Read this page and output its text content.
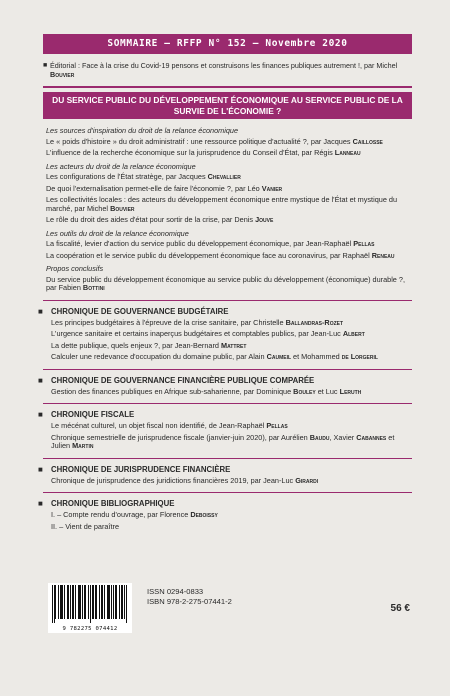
SOMMAIRE – RFFP N° 152 – Novembre 2020
■ Éditorial : Face à la crise du Covid-19 pensons et construisons les finances publiques autrement !, par Michel Bouvier
DU SERVICE PUBLIC DU DÉVELOPPEMENT ÉCONOMIQUE AU SERVICE PUBLIC DE LA SURVIE DE L'ÉCONOMIE ?
Les sources d'inspiration du droit de la relance économique
Le « poids d'histoire » du droit administratif : une ressource politique d'actualité ?, par Jacques Caillosse
L'influence de la recherche économique sur la jurisprudence du Conseil d'État, par Régis Lanneau
Les acteurs du droit de la relance économique
Les configurations de l'État stratège, par Jacques Chevallier
De quoi l'externalisation permet-elle de faire l'économie ?, par Léo Vanier
Les collectivités locales : des acteurs du développement économique entre mystique de l'État et mystique du marché, par Michel Bouvier
Le rôle du droit des aides d'état pour sortir de la crise, par Denis Jouve
Les outils du droit de la relance économique
La fiscalité, levier d'action du service public du développement économique, par Jean-Raphaël Pellas
La coopération et le service public du développement économique face au coronavirus, par Raphaël Reneau
Propos conclusifs
Du service public du développement économique au service public du développement (économique) durable ?, par Fabien Bottini
■	CHRONIQUE DE GOUVERNANCE BUDGÉTAIRE
Les principes budgétaires à l'épreuve de la crise sanitaire, par Christelle Ballandras-Rozet
L'urgence sanitaire et certains inaperçus budgétaires et comptables publics, par Jean-Luc Albert
La dette publique, quels enjeux ?, par Jean-Bernard Mattret
Calculer une redevance d'occupation du domaine public, par Alain Caumeil et Mohammed de Lorgeril
■	CHRONIQUE DE GOUVERNANCE FINANCIÈRE PUBLIQUE COMPARÉE
Gestion des finances publiques en Afrique sub-saharienne, par Dominique Bouley et Luc Leruth
■	CHRONIQUE FISCALE
Le mécénat culturel, un objet fiscal non identifié, de Jean-Raphaël Pellas
Chronique semestrielle de jurisprudence fiscale (janvier-juin 2020), par Aurélien Baudu, Xavier Cabannes et Julien Martin
■	CHRONIQUE DE JURISPRUDENCE FINANCIÈRE
Chronique de jurisprudence des juridictions financières 2019, par Jean-Luc Girardi
■	CHRONIQUE BIBLIOGRAPHIQUE
I. – Compte rendu d'ouvrage, par Florence Deboissy
II. – Vient de paraître
9 782275 074412
ISSN 0294-0833
ISBN 978-2-275-07441-2
56 €
